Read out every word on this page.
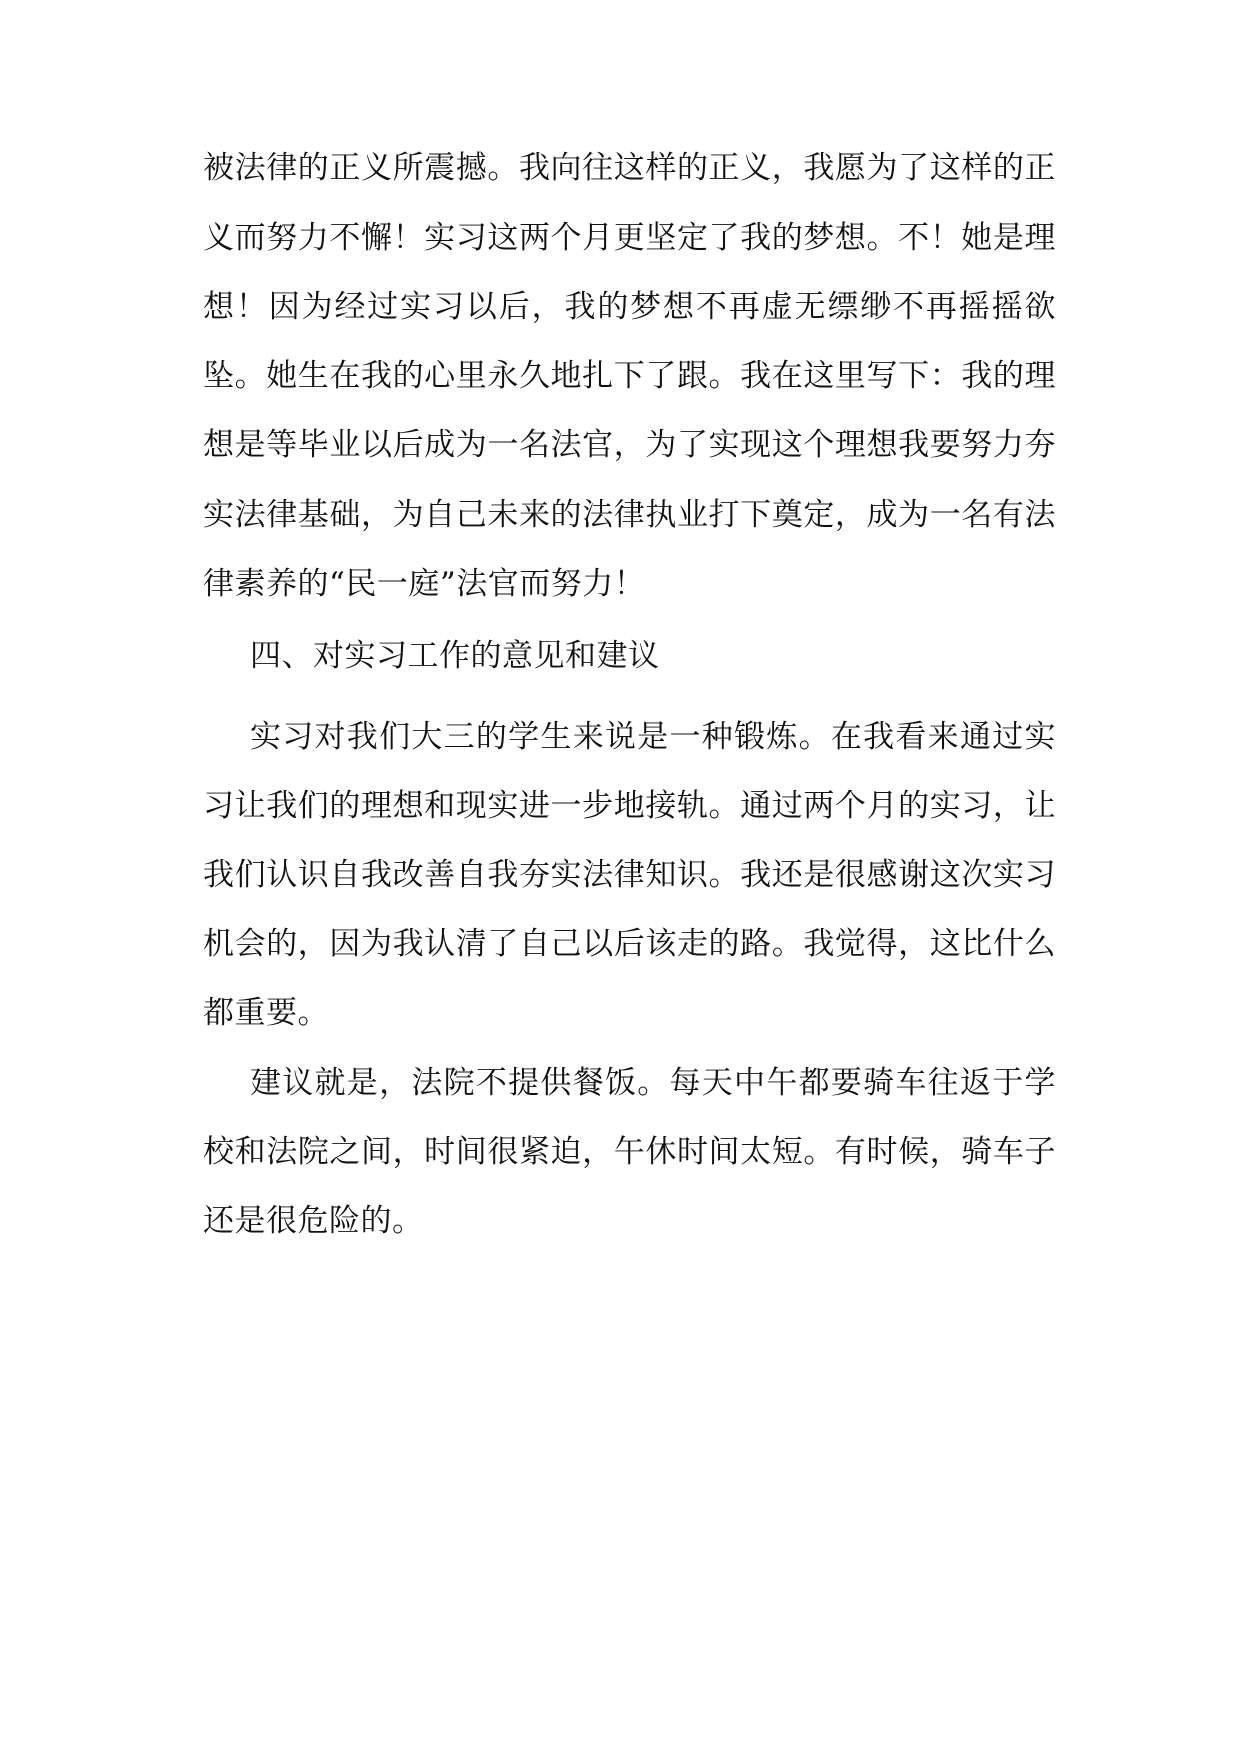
被法律的正义所震撼。我向往这样的正义，我愿为了这样的正
义而努力不懈！实习这两个月更坚定了我的梦想。不！她是理
想！因为经过实习以后，我的梦想不再虚无缥缈不再摇摇欲
坠。她生在我的心里永久地扎下了跟。我在这里写下：我的理
想是等毕业以后成为一名法官，为了实现这个理想我要努力夯
实法律基础，为自己未来的法律执业打下奠定，成为一名有法
律素养的“民一庭”法官而努力！
四、对实习工作的意见和建议
实习对我们大三的学生来说是一种锻炼。在我看来通过实
习让我们的理想和现实进一步地接轨。通过两个月的实习，让
我们认识自我改善自我夯实法律知识。我还是很感谢这次实习
机会的，因为我认清了自己以后该走的路。我觉得，这比什么
都重要。
建议就是，法院不提供餐饭。每天中午都要骑车往返于学
校和法院之间，时间很紧迫，午休时间太短。有时候，骑车子
还是很危险的。
